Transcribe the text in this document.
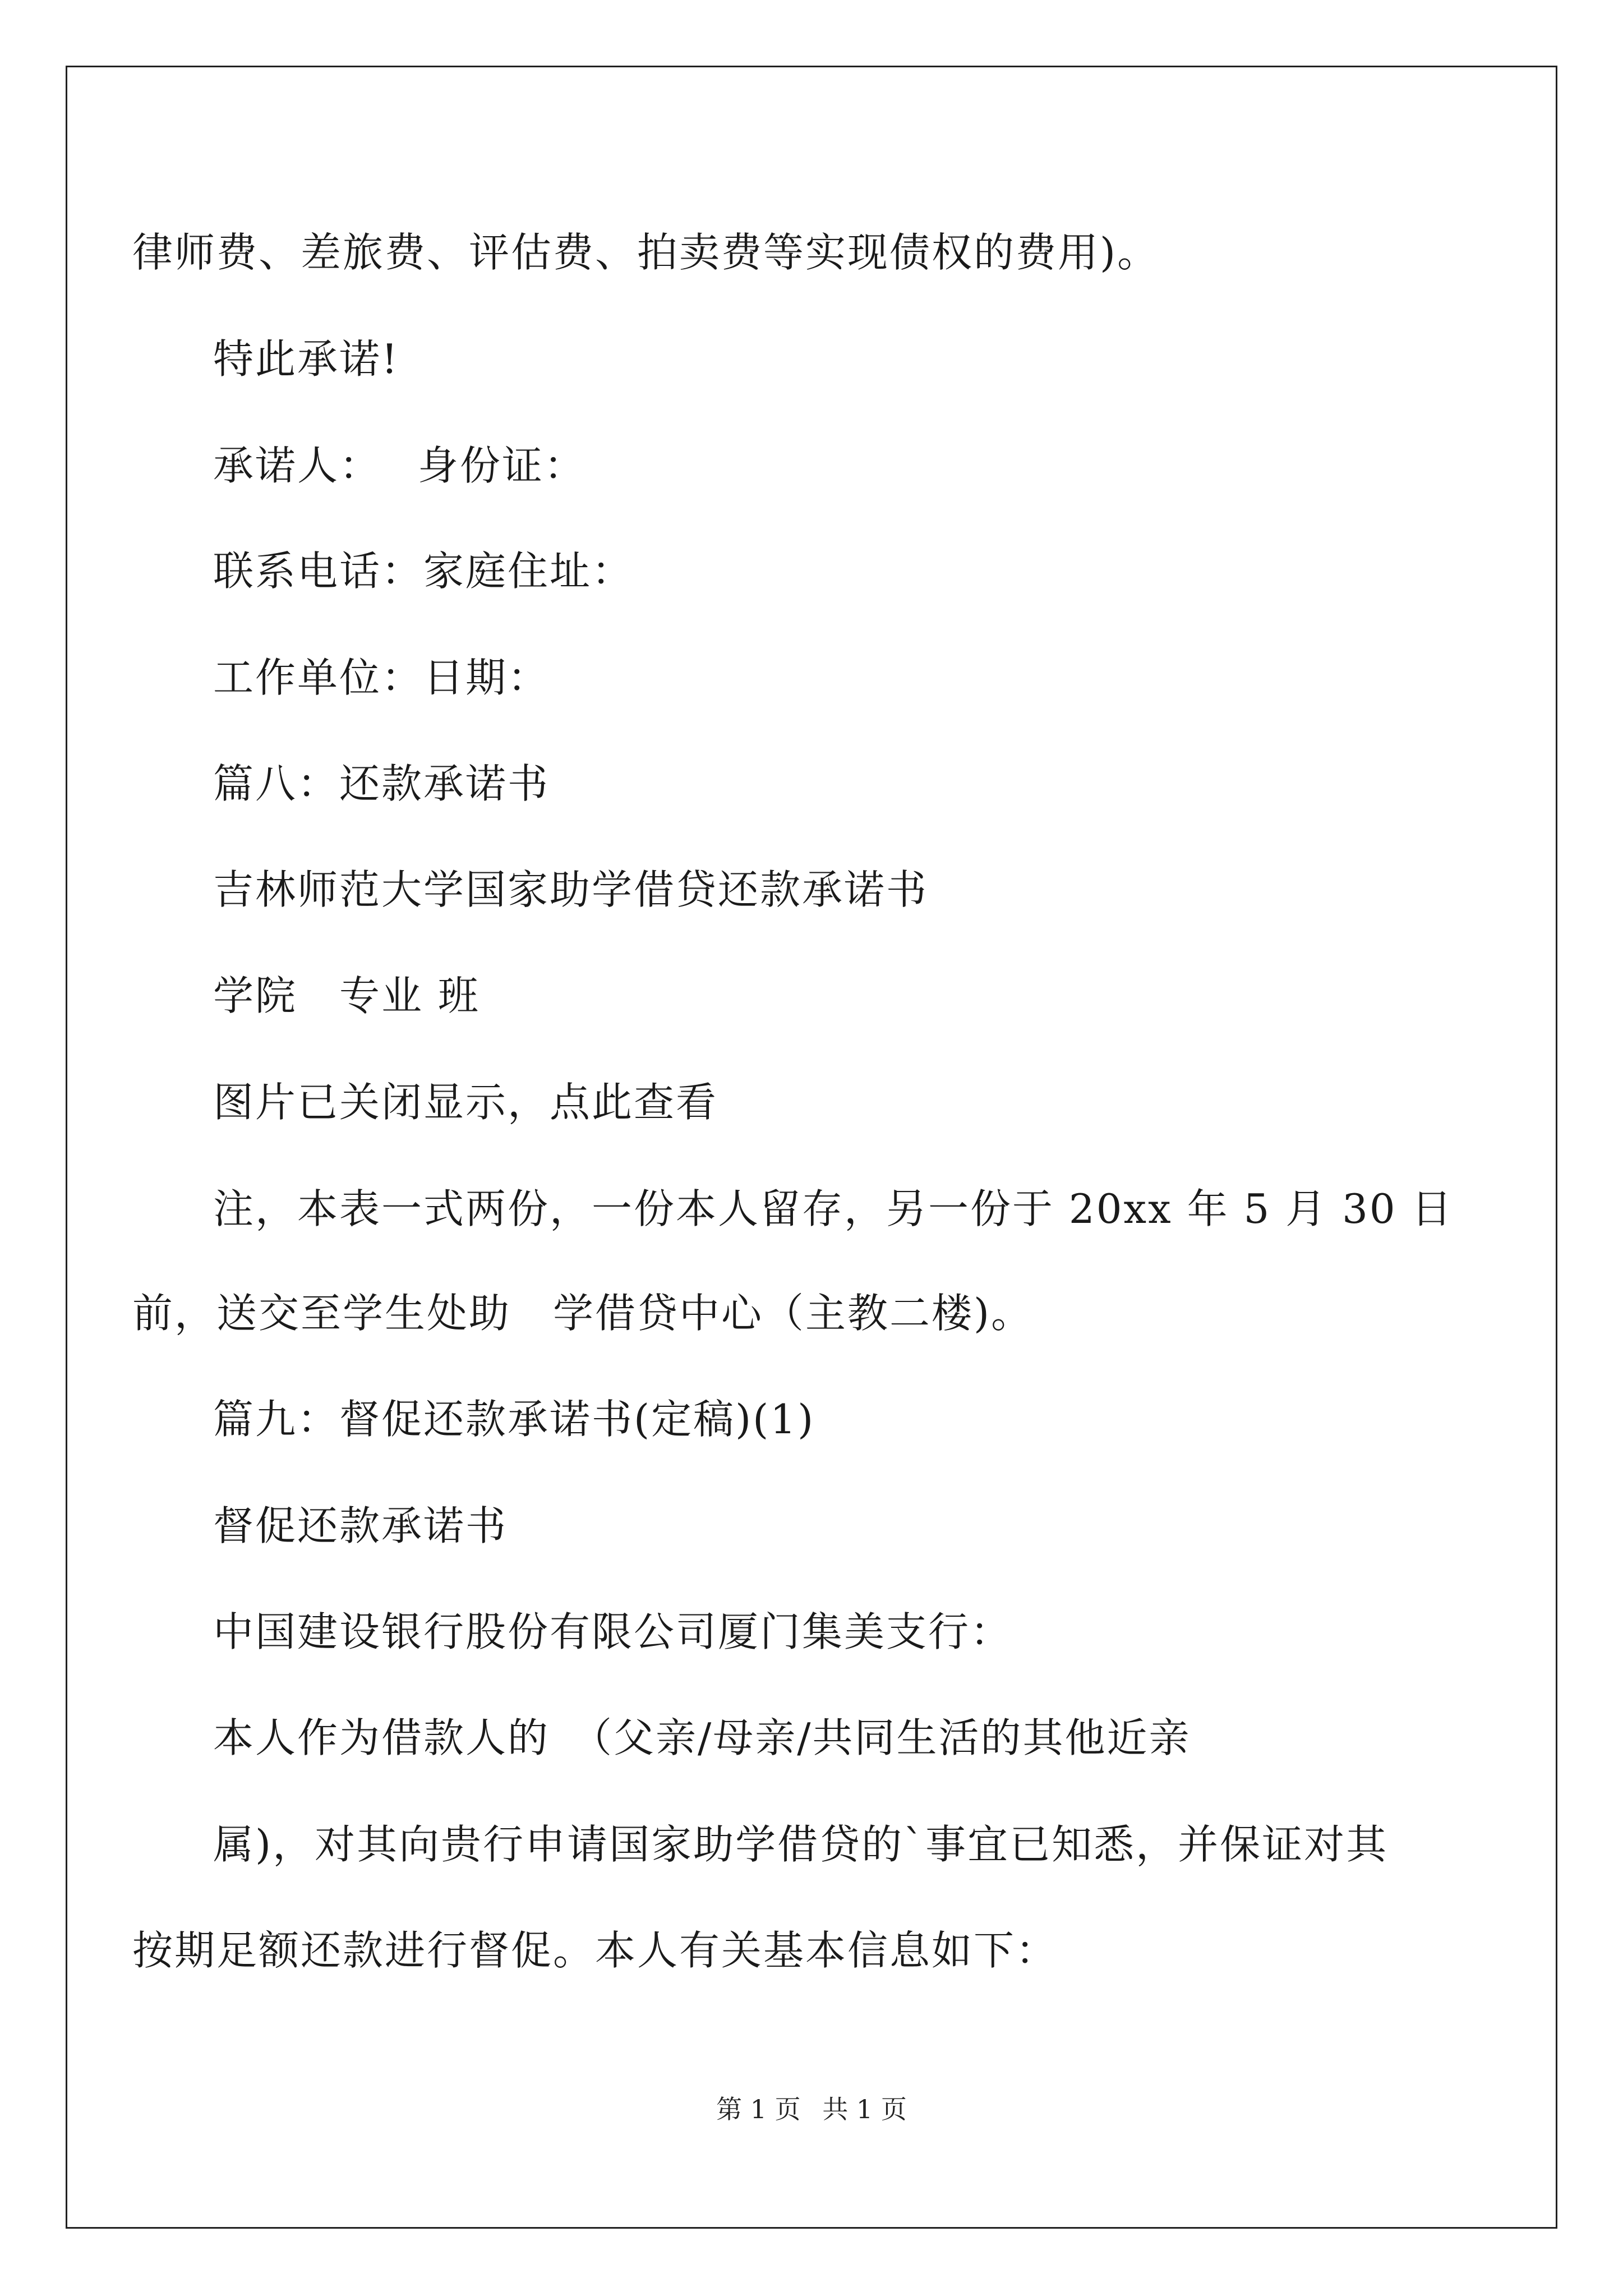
律师费、差旅费、评估费、拍卖费等实现债权的费用)。

特此承诺!

承诺人：　 身份证：

联系电话：家庭住址：

工作单位：日期：

篇八：还款承诺书

吉林师范大学国家助学借贷还款承诺书

学院　专业 班

图片已关闭显示，点此查看

注，本表一式两份，一份本人留存，另一份于 20xx 年 5 月 30 日

前，送交至学生处助　学借贷中心（主教二楼)。

篇九：督促还款承诺书(定稿)(1)

督促还款承诺书

中国建设银行股份有限公司厦门集美支行：

本人作为借款人的　（父亲/母亲/共同生活的其他近亲

属)，对其向贵行申请国家助学借贷的`事宜已知悉，并保证对其

按期足额还款进行督促。本人有关基本信息如下：

第 1 页 共 1 页
